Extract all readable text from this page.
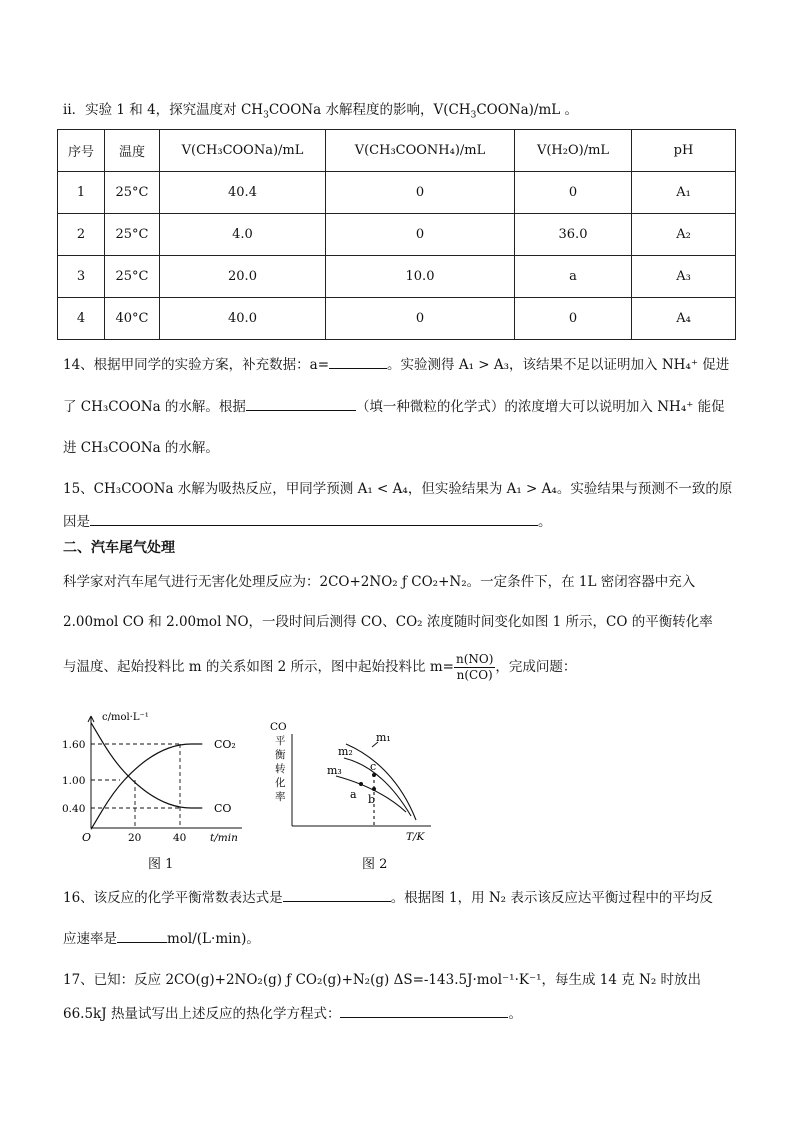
ⅱ．实验 1 和 4，探究温度对 $CH_3COONa$ 水解程度的影响，$V(CH_3COONa)/mL$ 。
序号	温度	V(CH₃COONa)/mL	V(CH₃COONH₄)/mL	V(H₂O)/mL	pH
1	25°C	40.4	0	0	A₁
2	25°C	4.0	0	36.0	A₂
3	25°C	20.0	10.0	a	A₃
4	40°C	40.0	0	0	A₄
14、根据甲同学的实验方案，补充数据：a=	。实验测得 A₁ > A₃，该结果不足以证明加入 NH₄⁺ 促进
了 CH₃COONa 的水解。根据	（填一种微粒的化学式）的浓度增大可以说明加入 NH₄⁺ 能促
进 CH₃COONa 的水解。
15、CH₃COONa 水解为吸热反应，甲同学预测 A₁ < A₄，但实验结果为 A₁ > A₄。实验结果与预测不一致的原
因是	。
二、汽车尾气处理
科学家对汽车尾气进行无害化处理反应为：2CO+2NO₂ ƒ CO₂+N₂。一定条件下，在 1L 密闭容器中充入
2.00mol CO 和 2.00mol NO，一段时间后测得 CO、CO₂ 浓度随时间变化如图 1 所示，CO 的平衡转化率
与温度、起始投料比 m 的关系如图 2 所示，图中起始投料比 $m= \frac{n(NO)}{n(CO)}$ ，完成问题：
c/mol·L⁻¹
1.60
1.00
0.40
O	20	40 t/min
CO₂
CO
图 1
CO
平
衡
转
化
率
m₁
m₂
m₃	c
b
a
T/K
图 2
16、该反应的化学平衡常数表达式是	。根据图 1，用 N₂ 表示该反应达平衡过程中的平均反
应速率是	mol/(L·min)。
17、已知：反应 2CO(g)+2NO₂(g) ƒ CO₂(g)+N₂(g) ΔS=-143.5J·mol⁻¹·K⁻¹，每生成 14 克 N₂ 时放出
66.5kJ 热量试写出上述反应的热化学方程式：	。
